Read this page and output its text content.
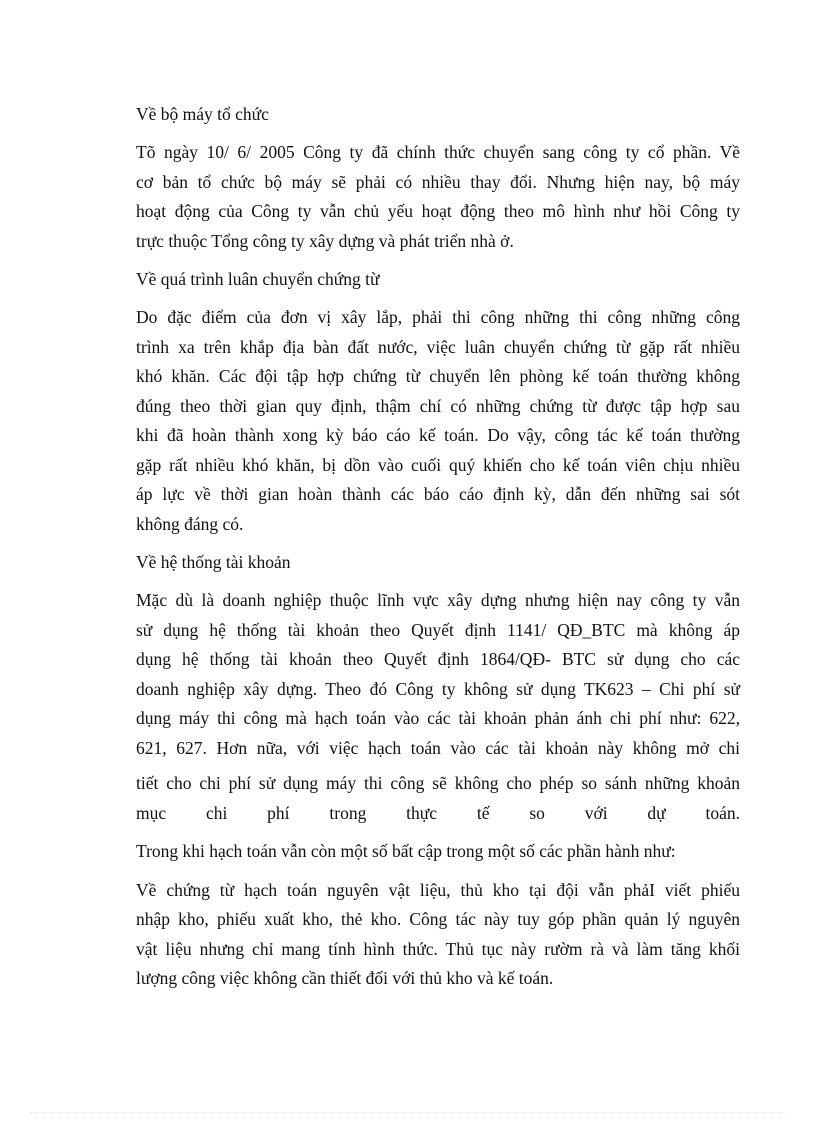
Về bộ máy tổ chức
Tõ ngày 10/ 6/ 2005 Công ty đã chính thức chuyển sang công ty cổ phần. Về
cơ bản tổ chức bộ máy sẽ phải có nhiều thay đổi. Nhưng hiện nay, bộ máy
hoạt động của Công ty vẫn chủ yếu hoạt động theo mô hình như hồi Công ty
trực thuộc Tổng công ty xây dựng và phát triển nhà ở.
Về quá trình luân chuyển chứng từ
Do đặc điểm của đơn vị xây lắp, phải thi công những thi công những công
trình xa trên khắp địa bàn đất nước, việc luân chuyển chứng từ gặp rất nhiều
khó khăn. Các đội tập hợp chứng từ chuyển lên phòng kế toán thường không
đúng theo thời gian quy định, thậm chí có những chứng từ được tập hợp sau
khi đã hoàn thành xong kỳ báo cáo kế toán. Do vậy, công tác kế toán thường
gặp rất nhiều khó khăn, bị dồn vào cuối quý khiến cho kế toán viên chịu nhiều
áp lực về thời gian hoàn thành các báo cáo định kỳ, dẫn đến những sai sót
không đáng có.
Về hệ thống tài khoản
Mặc dù là doanh nghiệp thuộc lĩnh vực xây dựng nhưng hiện nay công ty vẫn
sử dụng hệ thống tài khoản theo Quyết định 1141/ QĐ_BTC mà không áp
dụng hệ thống tài khoản theo Quyết định 1864/QĐ- BTC sử dụng cho các
doanh nghiệp xây dựng. Theo đó Công ty không sử dụng TK623 – Chi phí sử
dụng máy thi công mà hạch toán vào các tài khoản phản ánh chi phí như: 622,
621, 627. Hơn nữa, với việc hạch toán vào các tài khoản này không mở chi
tiết cho chi phí sử dụng máy thi công sẽ không cho phép so sánh những khoản
mục chi phí trong thực tế so với dự toán.
Trong khi hạch toán vẫn còn một số bất cập trong một số các phần hành như:
Về chứng từ hạch toán nguyên vật liệu, thủ kho tại đội vẫn phảI viết phiếu
nhập kho, phiếu xuất kho, thẻ kho. Công tác này tuy góp phần quản lý nguyên
vật liệu nhưng chỉ mang tính hình thức. Thủ tục này rườm rà và làm tăng khối
lượng công việc không cần thiết đối với thủ kho và kế toán.
